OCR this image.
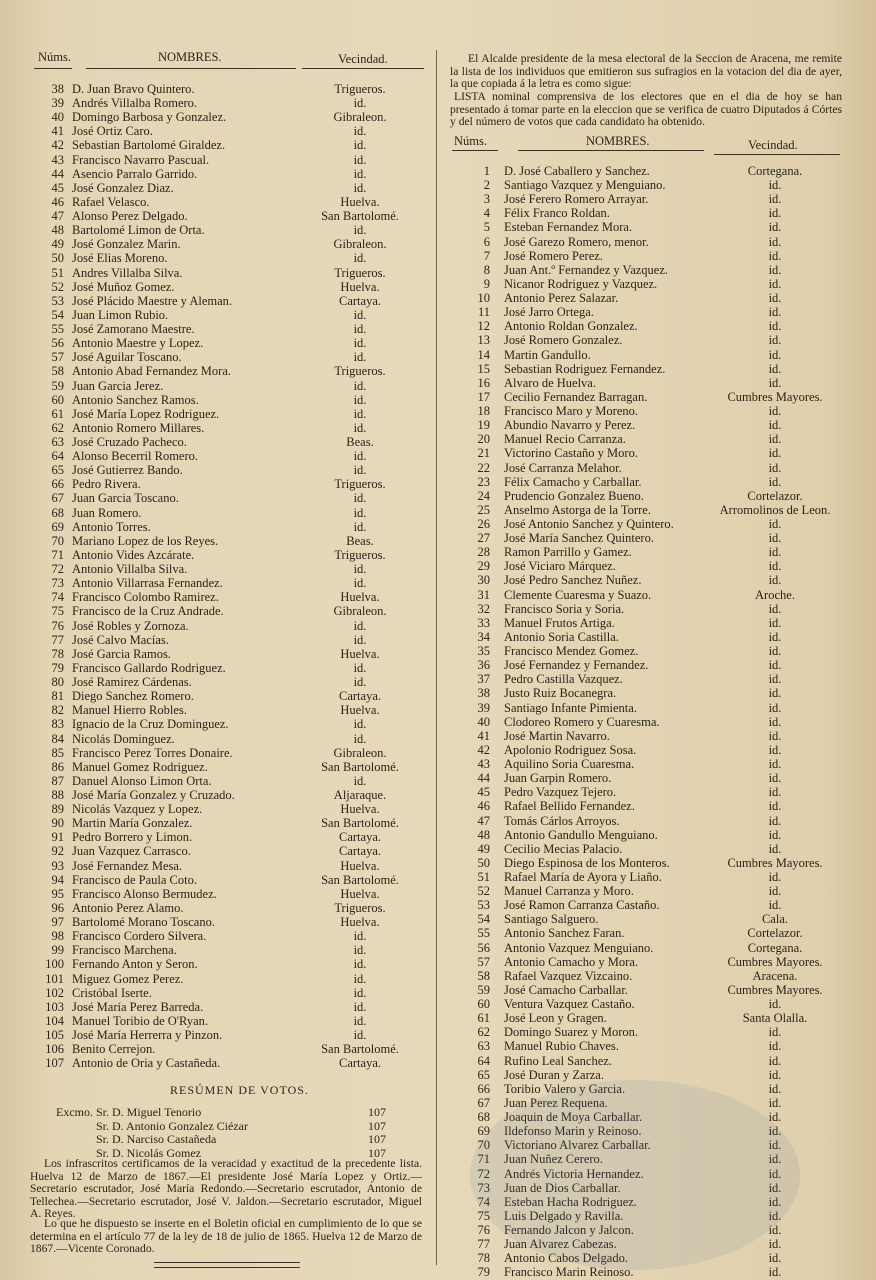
Núms.	NOMBRES.	Vecindad.
38 D. Juan Bravo Quintero.	Trigueros.
39 Andrés Villalba Romero.	id.
40 Domingo Barbosa y Gonzalez.	Gibraleon.
41 José Ortiz Caro.	id.
42 Sebastian Bartolomé Giraldez.	id.
43 Francisco Navarro Pascual.	id.
44 Asencio Parralo Garrido.	id.
45 José Gonzalez Diaz.	id.
46 Rafael Velasco.	Huelva.
47 Alonso Perez Delgado.	San Bartolomé.
48 Bartolomé Limon de Orta.	id.
49 José Gonzalez Marin.	Gibraleon.
50 José Elias Moreno.	id.
51 Andres Villalba Silva.	Trigueros.
52 José Muñoz Gomez.	Huelva.
53 José Plácido Maestre y Aleman.	Cartaya.
54 Juan Limon Rubio.	id.
55 José Zamorano Maestre.	id.
56 Antonio Maestre y Lopez.	id.
57 José Aguilar Toscano.	id.
58 Antonio Abad Fernandez Mora.	Trigueros.
59 Juan Garcia Jerez.	id.
60 Antonio Sanchez Ramos.	id.
61 José María Lopez Rodriguez.	id.
62 Antonio Romero Millares.	id.
63 José Cruzado Pacheco.	Beas.
64 Alonso Becerril Romero.	id.
65 José Gutierrez Bando.	id.
66 Pedro Rivera.	Trigueros.
67 Juan Garcia Toscano.	id.
68 Juan Romero.	id.
69 Antonio Torres.	id.
70 Mariano Lopez de los Reyes.	Beas.
71 Antonio Vides Azcárate.	Trigueros.
72 Antonio Villalba Silva.	id.
73 Antonio Villarrasa Fernandez.	id.
74 Francisco Colombo Ramirez.	Huelva.
75 Francisco de la Cruz Andrade.	Gibraleon.
76 José Robles y Zornoza.	id.
77 José Calvo Macías.	id.
78 José Garcia Ramos.	Huelva.
79 Francisco Gallardo Rodriguez.	id.
80 José Ramirez Cárdenas.	id.
81 Diego Sanchez Romero.	Cartaya.
82 Manuel Hierro Robles.	Huelva.
83 Ignacio de la Cruz Dominguez.	id.
84 Nicolás Dominguez.	id.
85 Francisco Perez Torres Donaire.	Gibraleon.
86 Manuel Gomez Rodriguez.	San Bartolomé.
87 Danuel Alonso Limon Orta.	id.
88 José María Gonzalez y Cruzado.	Aljaraque.
89 Nicolás Vazquez y Lopez.	Huelva.
90 Martin María Gonzalez.	San Bartolomé.
91 Pedro Borrero y Limon.	Cartaya.
92 Juan Vazquez Carrasco.	Cartaya.
93 José Fernandez Mesa.	Huelva.
94 Francisco de Paula Coto.	San Bartolomé.
95 Francisco Alonso Bermudez.	Huelva.
96 Antonio Perez Alamo.	Trigueros.
97 Bartolomé Morano Toscano.	Huelva.
98 Francisco Cordero Silvera.	id.
99 Francisco Marchena.	id.
100 Fernando Anton y Seron.	id.
101 Miguez Gomez Perez.	id.
102 Cristóbal Iserte.	id.
103 José María Perez Barreda.	id.
104 Manuel Toribio de O'Ryan.	id.
105 José María Herrerra y Pinzon.	id.
106 Benito Cerrejon.	San Bartolomé.
107 Antonio de Oria y Castañeda.	Cartaya.
RESÚMEN DE VOTOS.
Excmo. Sr. D. Miguel Tenorio	107
Sr. D. Antonio Gonzalez Ciézar	107
Sr. D. Narciso Castañeda	107
Sr. D. Nicolás Gomez	107
Los infrascritos certificamos de la veracidad y exactitud de la precedente lista. Huelva 12 de Marzo de 1867.—El presidente José María Lopez y Ortiz.—Secretario escrutador, José María Redondo.—Secretario escrutador, Antonio de Tellechea.—Secretario escrutador, José V. Jaldon.—Secretario escrutador, Miguel A. Reyes.
Lo que he dispuesto se inserte en el Boletin oficial en cumplimiento de lo que se determina en el artículo 77 de la ley de 18 de julio de 1865. Huelva 12 de Marzo de 1867.—Vicente Coronado.
El Alcalde presidente de la mesa electoral de la Seccion de Aracena, me remite la lista de los individuos que emitieron sus sufragios en la votacion del dia de ayer, la que copiada á la letra es como sigue:
LISTA nominal comprensiva de los electores que en el dia de hoy se han presentado á tomar parte en la eleccion que se verifica de cuatro Diputados á Córtes y del número de votos que cada candidato ha obtenido.
Núms.	NOMBRES.	Vecindad.
1 D. José Caballero y Sanchez.	Cortegana.
2 Santiago Vazquez y Menguiano.	id.
3 José Ferero Romero Arrayar.	id.
4 Félix Franco Roldan.	id.
5 Esteban Fernandez Mora.	id.
6 José Garezo Romero, menor.	id.
7 José Romero Perez.	id.
8 Juan Ant.º Fernandez y Vazquez.	id.
9 Nicanor Rodriguez y Vazquez.	id.
10 Antonio Perez Salazar.	id.
11 José Jarro Ortega.	id.
12 Antonio Roldan Gonzalez.	id.
13 José Romero Gonzalez.	id.
14 Martin Gandullo.	id.
15 Sebastian Rodriguez Fernandez.	id.
16 Alvaro de Huelva.	id.
17 Cecilio Fernandez Barragan.	Cumbres Mayores.
18 Francisco Maro y Moreno.	id.
19 Abundio Navarro y Perez.	id.
20 Manuel Recio Carranza.	id.
21 Victorino Castaño y Moro.	id.
22 José Carranza Melahor.	id.
23 Félix Camacho y Carballar.	id.
24 Prudencio Gonzalez Bueno.	Cortelazor.
25 Anselmo Astorga de la Torre.	Arromolinos de Leon.
26 José Antonio Sanchez y Quintero.	id.
27 José María Sanchez Quintero.	id.
28 Ramon Parrillo y Gamez.	id.
29 José Viciaro Márquez.	id.
30 José Pedro Sanchez Nuñez.	id.
31 Clemente Cuaresma y Suazo.	Aroche.
32 Francisco Soria y Soria.	id.
33 Manuel Frutos Artiga.	id.
34 Antonio Soria Castilla.	id.
35 Francisco Mendez Gomez.	id.
36 José Fernandez y Fernandez.	id.
37 Pedro Castilla Vazquez.	id.
38 Justo Ruiz Bocanegra.	id.
39 Santiago Infante Pimienta.	id.
40 Clodoreo Romero y Cuaresma.	id.
41 José Martin Navarro.	id.
42 Apolonio Rodriguez Sosa.	id.
43 Aquilino Soria Cuaresma.	id.
44 Juan Garpin Romero.	id.
45 Pedro Vazquez Tejero.	id.
46 Rafael Bellido Fernandez.	id.
47 Tomás Cárlos Arroyos.	id.
48 Antonio Gandullo Menguiano.	id.
49 Cecilio Mecias Palacio.	id.
50 Diego Espinosa de los Monteros.	Cumbres Mayores.
51 Rafael María de Ayora y Liaño.	id.
52 Manuel Carranza y Moro.	id.
53 José Ramon Carranza Castaño.	id.
54 Santiago Salguero.	Cala.
55 Antonio Sanchez Faran.	Cortelazor.
56 Antonio Vazquez Menguiano.	Cortegana.
57 Antonio Camacho y Mora.	Cumbres Mayores.
58 Rafael Vazquez Vizcaino.	Aracena.
59 José Camacho Carballar.	Cumbres Mayores.
60 Ventura Vazquez Castaño.	id.
61 José Leon y Gragen.	Santa Olalla.
62 Domingo Suarez y Moron.	id.
63 Manuel Rubio Chaves.	id.
64 Rufino Leal Sanchez.	id.
65 José Duran y Zarza.	id.
66 Toribio Valero y Garcia.	id.
67 Juan Perez Requena.	id.
68 Joaquin de Moya Carballar.	id.
69 Ildefonso Marin y Reinoso.	id.
70 Victoriano Alvarez Carballar.	id.
71 Juan Nuñez Cerero.	id.
72 Andrés Victoria Hernandez.	id.
73 Juan de Dios Carballar.	id.
74 Esteban Hacha Rodriguez.	id.
75 Luis Delgado y Ravilla.	id.
76 Fernando Jalcon y Jalcon.	id.
77 Juan Alvarez Cabezas.	id.
78 Antonio Cabos Delgado.	id.
79 Francisco Marin Reinoso.	id.
